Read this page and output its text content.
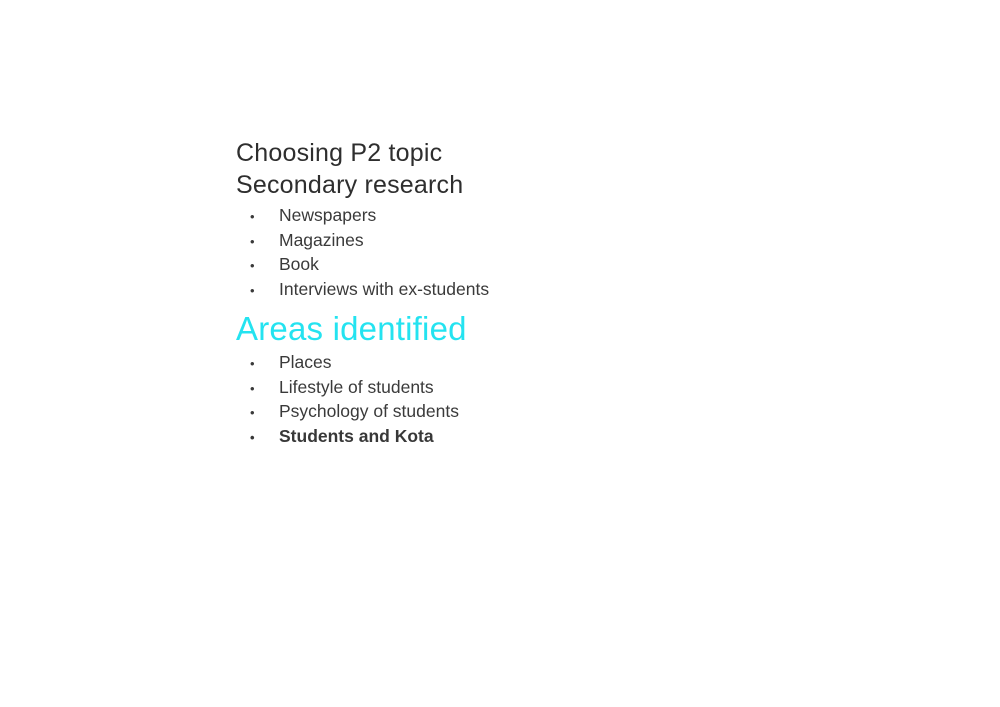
Choosing P2 topic
Secondary research
•	Newspapers
•	Magazines
•	Book
•	Interviews with ex-students
Areas identified
•	Places
•	Lifestyle of students
•	Psychology of students
•	Students and Kota
